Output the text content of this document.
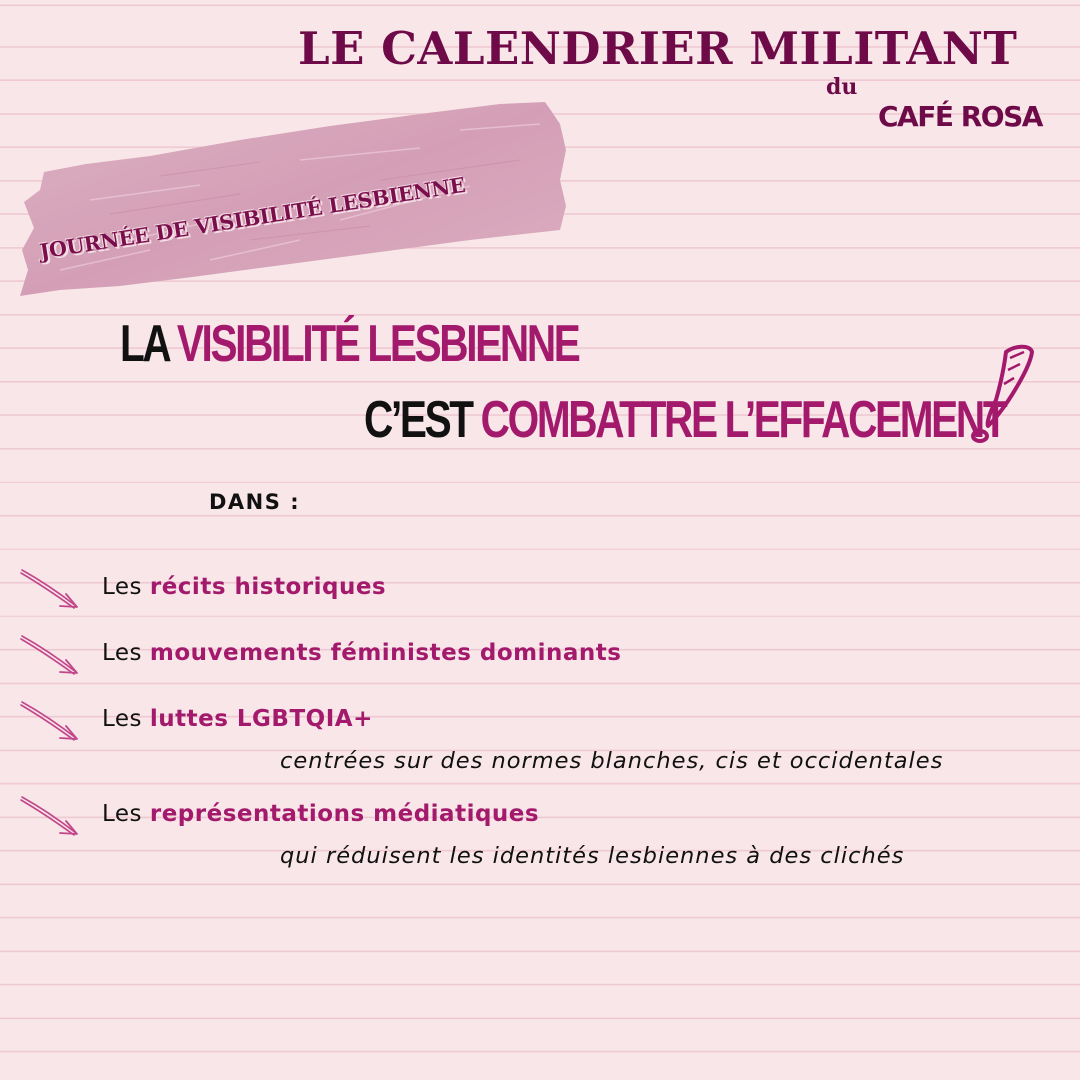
LE CALENDRIER MILITANT
du
CAFÉ ROSA
JOURNÉE DE VISIBILITÉ LESBIENNE
LA VISIBILITÉ LESBIENNE
C’EST COMBATTRE L’EFFACEMENT
DANS :
Les récits historiques
Les mouvements féministes dominants
Les luttes LGBTQIA+
centrées sur des normes blanches, cis et occidentales
Les représentations médiatiques
qui réduisent les identités lesbiennes à des clichés
